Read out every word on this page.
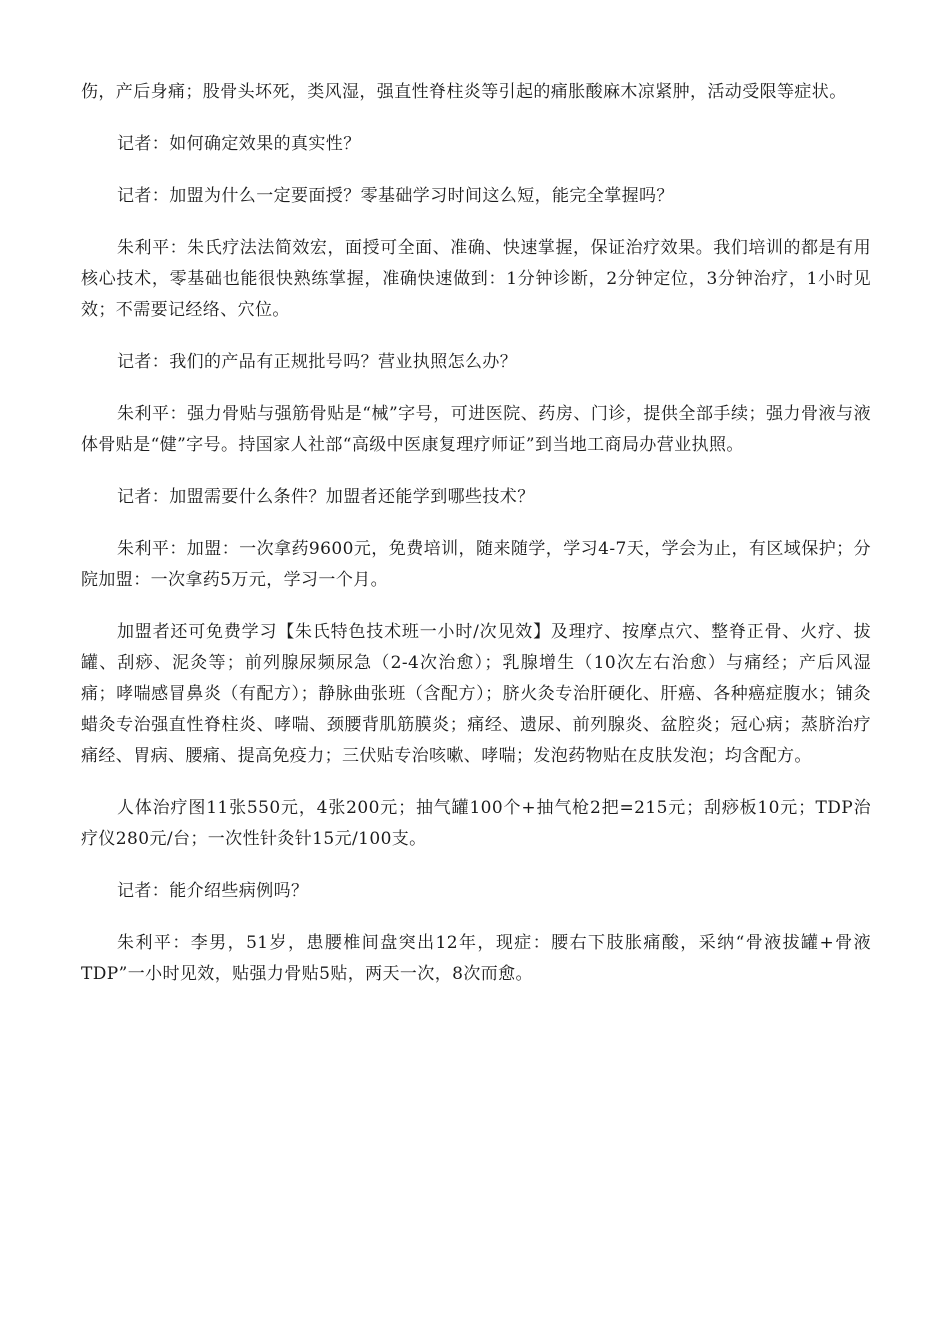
伤，产后身痛；股骨头坏死，类风湿，强直性脊柱炎等引起的痛胀酸麻木凉紧肿，活动受限等症状。

记者：如何确定效果的真实性？

记者：加盟为什么一定要面授？零基础学习时间这么短，能完全掌握吗？

朱利平：朱氏疗法法简效宏，面授可全面、准确、快速掌握，保证治疗效果。我们培训的都是有用核心技术，零基础也能很快熟练掌握，准确快速做到：1分钟诊断，2分钟定位，3分钟治疗，1小时见效；不需要记经络、穴位。

记者：我们的产品有正规批号吗？营业执照怎么办？

朱利平：强力骨贴与强筋骨贴是“械”字号，可进医院、药房、门诊，提供全部手续；强力骨液与液体骨贴是“健”字号。持国家人社部“高级中医康复理疗师证”到当地工商局办营业执照。

记者：加盟需要什么条件？加盟者还能学到哪些技术？

朱利平：加盟：一次拿药9600元，免费培训，随来随学，学习4-7天，学会为止，有区域保护；分院加盟：一次拿药5万元，学习一个月。

加盟者还可免费学习【朱氏特色技术班一小时/次见效】及理疗、按摩点穴、整脊正骨、火疗、拔罐、刮痧、泥灸等；前列腺尿频尿急（2-4次治愈）；乳腺增生（10次左右治愈）与痛经；产后风湿痛；哮喘感冒鼻炎（有配方）；静脉曲张班（含配方）；脐火灸专治肝硬化、肝癌、各种癌症腹水；铺灸蜡灸专治强直性脊柱炎、哮喘、颈腰背肌筋膜炎；痛经、遗尿、前列腺炎、盆腔炎；冠心病；蒸脐治疗痛经、胃病、腰痛、提高免疫力；三伏贴专治咳嗽、哮喘；发泡药物贴在皮肤发泡；均含配方。

人体治疗图11张550元，4张200元；抽气罐100个+抽气枪2把=215元；刮痧板10元；TDP治疗仪280元/台；一次性针灸针15元/100支。

记者：能介绍些病例吗？

朱利平：李男，51岁，患腰椎间盘突出12年，现症：腰右下肢胀痛酸，采纳“骨液拔罐+骨液TDP”一小时见效，贴强力骨贴5贴，两天一次，8次而愈。
